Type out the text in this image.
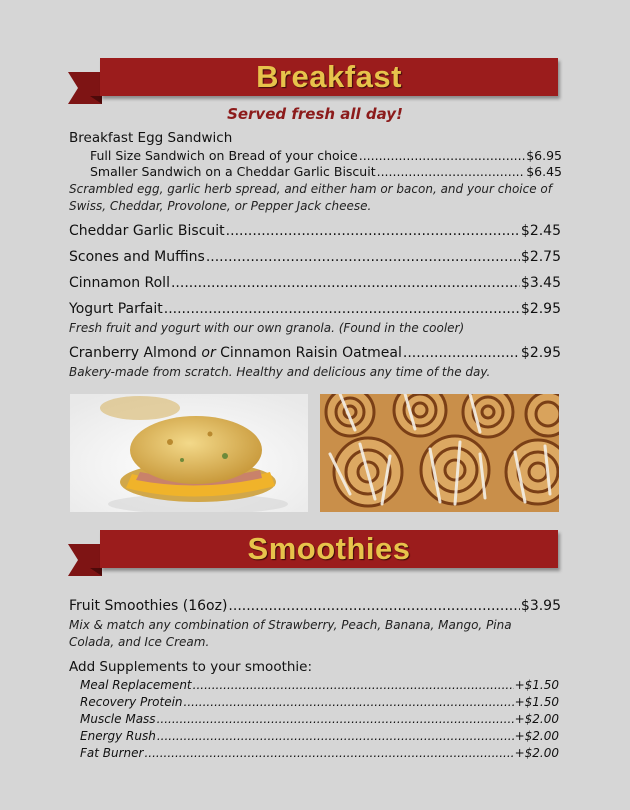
Breakfast
Served fresh all day!
Breakfast Egg Sandwich
Full Size Sandwich on Bread of your choice .....	$6.95
Smaller Sandwich on a Cheddar Garlic Biscuit .....	$6.45
Scrambled egg, garlic herb spread, and either ham or bacon, and your choice of Swiss, Cheddar, Provolone, or Pepper Jack cheese.
Cheddar Garlic Biscuit .....	$2.45
Scones and Muffins .....	$2.75
Cinnamon Roll .....	$3.45
Yogurt Parfait .....	$2.95
Fresh fruit and yogurt with our own granola. (Found in the cooler)
Cranberry Almond or Cinnamon Raisin Oatmeal .....	$2.95
Bakery-made from scratch. Healthy and delicious any time of the day.
Smoothies
Fruit Smoothies (16oz) .....	$3.95
Mix & match any combination of Strawberry, Peach, Banana, Mango, Pina Colada, and Ice Cream.
Add Supplements to your smoothie:
Meal Replacement .....	+$1.50
Recovery Protein .....	+$1.50
Muscle Mass .....	+$2.00
Energy Rush .....	+$2.00
Fat Burner .....	+$2.00
